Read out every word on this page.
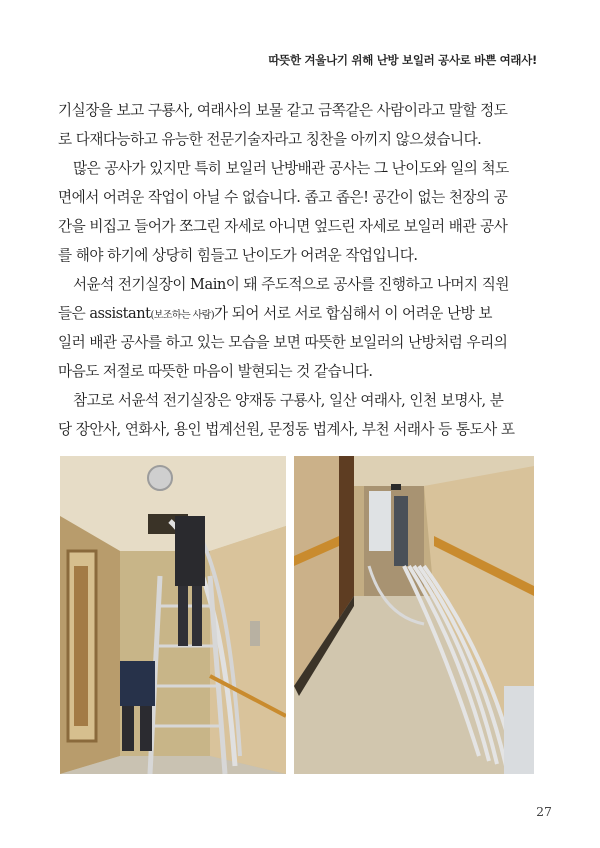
따뜻한 겨울나기 위해 난방 보일러 공사로 바쁜 여래사!
기실장을 보고 구룡사, 여래사의 보물 같고 금쪽같은 사람이라고 말할 정도
로 다재다능하고 유능한 전문기술자라고 칭찬을 아끼지 않으셨습니다.
많은 공사가 있지만 특히 보일러 난방배관 공사는 그 난이도와 일의 척도
면에서 어려운 작업이 아닐 수 없습니다. 좁고 좁은! 공간이 없는 천장의 공
간을 비집고 들어가 쪼그린 자세로 아니면 엎드린 자세로 보일러 배관 공사
를 해야 하기에 상당히 힘들고 난이도가 어려운 작업입니다.
서윤석 전기실장이 Main이 돼 주도적으로 공사를 진행하고 나머지 직원
들은 assistant(보조하는 사람)가 되어 서로 서로 합심해서 이 어려운 난방 보
일러 배관 공사를 하고 있는 모습을 보면 따뜻한 보일러의 난방처럼 우리의
마음도 저절로 따뜻한 마음이 발현되는 것 같습니다.
참고로 서윤석 전기실장은 양재동 구룡사, 일산 여래사, 인천 보명사, 분
당 장안사, 연화사, 용인 법계선원, 문정동 법계사, 부천 서래사 등 통도사 포
27
